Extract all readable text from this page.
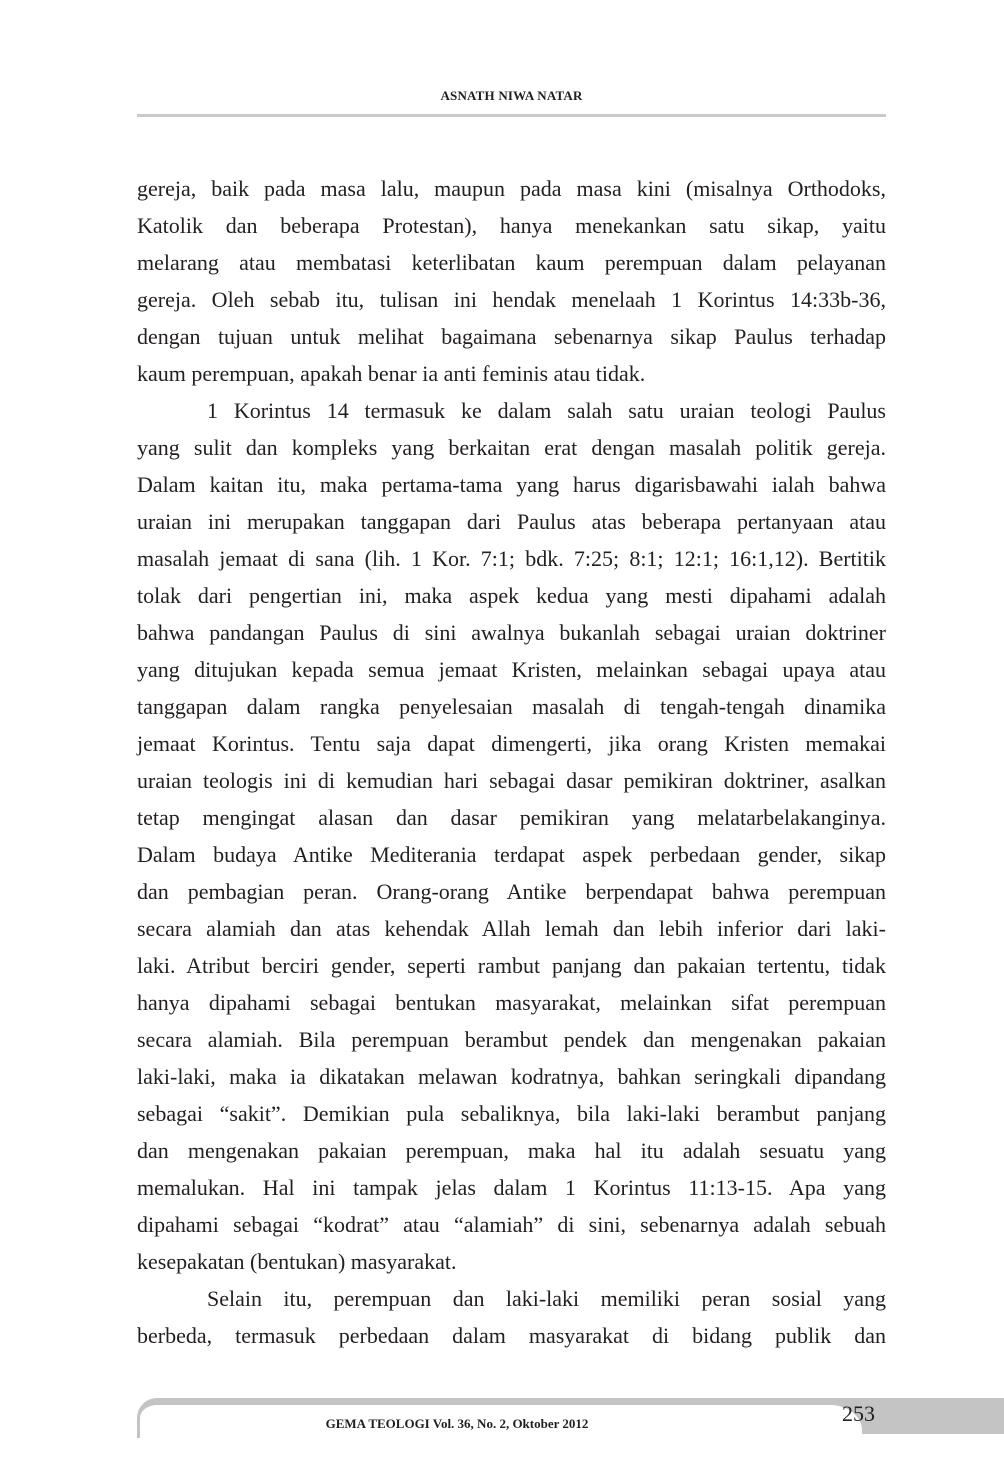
ASNATH NIWA NATAR
gereja, baik pada masa lalu, maupun pada masa kini (misalnya Orthodoks,
Katolik dan beberapa Protestan), hanya menekankan satu sikap, yaitu
melarang atau membatasi keterlibatan kaum perempuan dalam pelayanan
gereja. Oleh sebab itu, tulisan ini hendak menelaah 1 Korintus 14:33b-36,
dengan tujuan untuk melihat bagaimana sebenarnya sikap Paulus terhadap
kaum perempuan, apakah benar ia anti feminis atau tidak.
1 Korintus 14 termasuk ke dalam salah satu uraian teologi Paulus
yang sulit dan kompleks yang berkaitan erat dengan masalah politik gereja.
Dalam kaitan itu, maka pertama-tama yang harus digarisbawahi ialah bahwa
uraian ini merupakan tanggapan dari Paulus atas beberapa pertanyaan atau
masalah jemaat di sana (lih. 1 Kor. 7:1; bdk. 7:25; 8:1; 12:1; 16:1,12). Bertitik
tolak dari pengertian ini, maka aspek kedua yang mesti dipahami adalah
bahwa pandangan Paulus di sini awalnya bukanlah sebagai uraian doktriner
yang ditujukan kepada semua jemaat Kristen, melainkan sebagai upaya atau
tanggapan dalam rangka penyelesaian masalah di tengah-tengah dinamika
jemaat Korintus. Tentu saja dapat dimengerti, jika orang Kristen memakai
uraian teologis ini di kemudian hari sebagai dasar pemikiran doktriner, asalkan
tetap mengingat alasan dan dasar pemikiran yang melatarbelakanginya.
Dalam budaya Antike Mediterania terdapat aspek perbedaan gender, sikap
dan pembagian peran. Orang-orang Antike berpendapat bahwa perempuan
secara alamiah dan atas kehendak Allah lemah dan lebih inferior dari laki-
laki. Atribut berciri gender, seperti rambut panjang dan pakaian tertentu, tidak
hanya dipahami sebagai bentukan masyarakat, melainkan sifat perempuan
secara alamiah. Bila perempuan berambut pendek dan mengenakan pakaian
laki-laki, maka ia dikatakan melawan kodratnya, bahkan seringkali dipandang
sebagai “sakit”. Demikian pula sebaliknya, bila laki-laki berambut panjang
dan mengenakan pakaian perempuan, maka hal itu adalah sesuatu yang
memalukan. Hal ini tampak jelas dalam 1 Korintus 11:13-15. Apa yang
dipahami sebagai “kodrat” atau “alamiah” di sini, sebenarnya adalah sebuah
kesepakatan (bentukan) masyarakat.
Selain itu, perempuan dan laki-laki memiliki peran sosial yang
berbeda, termasuk perbedaan dalam masyarakat di bidang publik dan
GEMA TEOLOGI Vol. 36, No. 2, Oktober 2012	253
